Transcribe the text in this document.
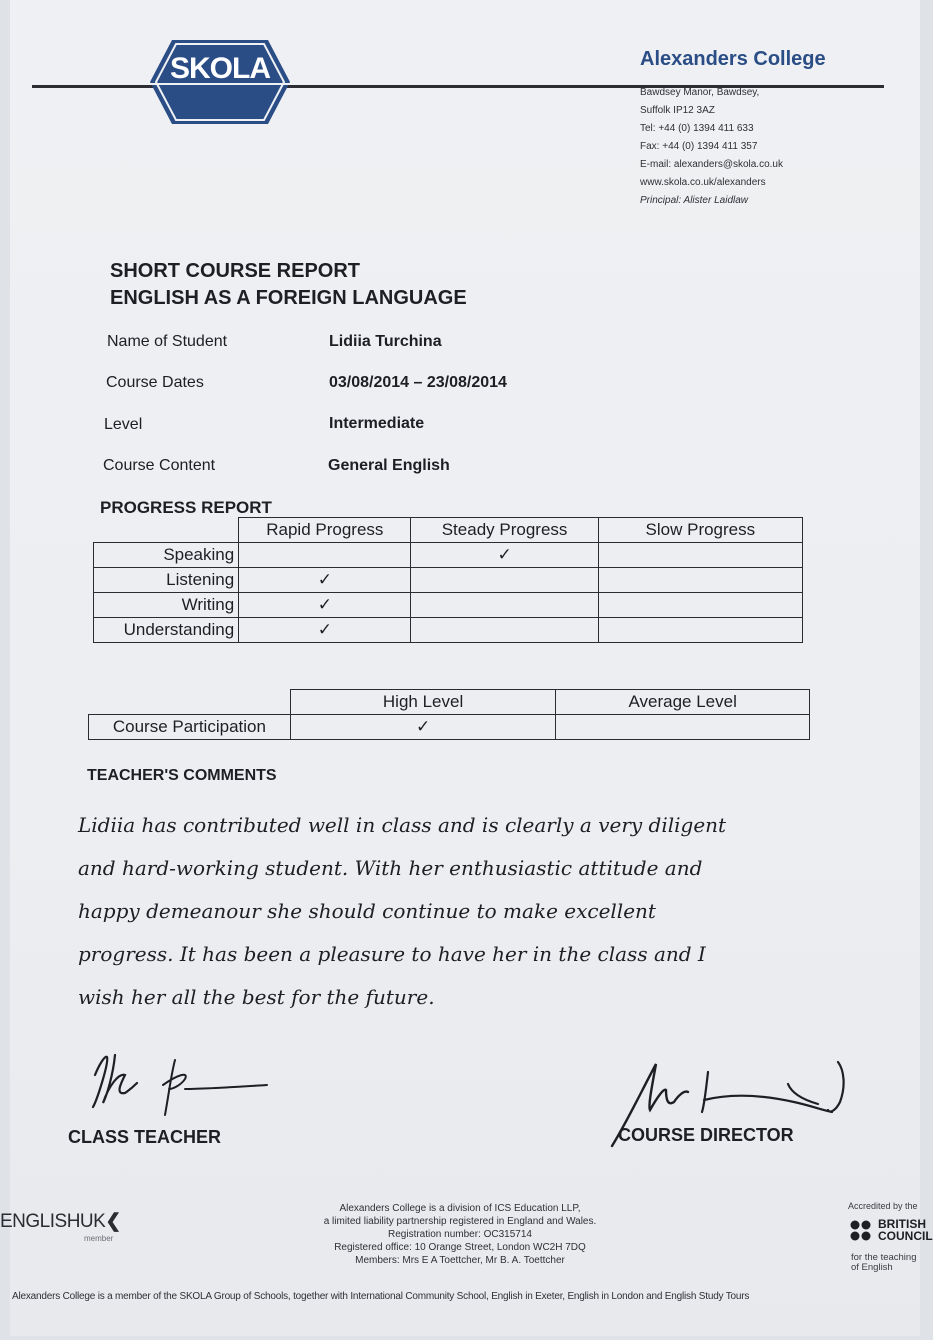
SKOLA	Alexanders College
Bawdsey Manor, Bawdsey,
Suffolk IP12 3AZ
Tel: +44 (0) 1394 411 633
Fax: +44 (0) 1394 411 357
E-mail: alexanders@skola.co.uk
www.skola.co.uk/alexanders
Principal: Alister Laidlaw
SHORT COURSE REPORT
ENGLISH AS A FOREIGN LANGUAGE
Name of Student	Lidiia Turchina
Course Dates	03/08/2014 – 23/08/2014
Level	Intermediate
Course Content	General English
PROGRESS REPORT
	Rapid Progress	Steady Progress	Slow Progress
Speaking		✓	
Listening	✓		
Writing	✓		
Understanding	✓		
	High Level	Average Level
Course Participation	✓	
TEACHER'S COMMENTS
Lidiia has contributed well in class and is clearly a very diligent
and hard-working student. With her enthusiastic attitude and
happy demeanour she should continue to make excellent
progress. It has been a pleasure to have her in the class and I
wish her all the best for the future.
CLASS TEACHER	COURSE DIRECTOR
ENGLISHUK❮
member
Alexanders College is a division of ICS Education LLP,
a limited liability partnership registered in England and Wales.
Registration number: OC315714
Registered office: 10 Orange Street, London WC2H 7DQ
Members: Mrs E A Toettcher, Mr B. A. Toettcher
Accredited by the
BRITISH
COUNCIL
for the teaching
of English
Alexanders College is a member of the SKOLA Group of Schools, together with International Community School, English in Exeter, English in London and English Study Tours
